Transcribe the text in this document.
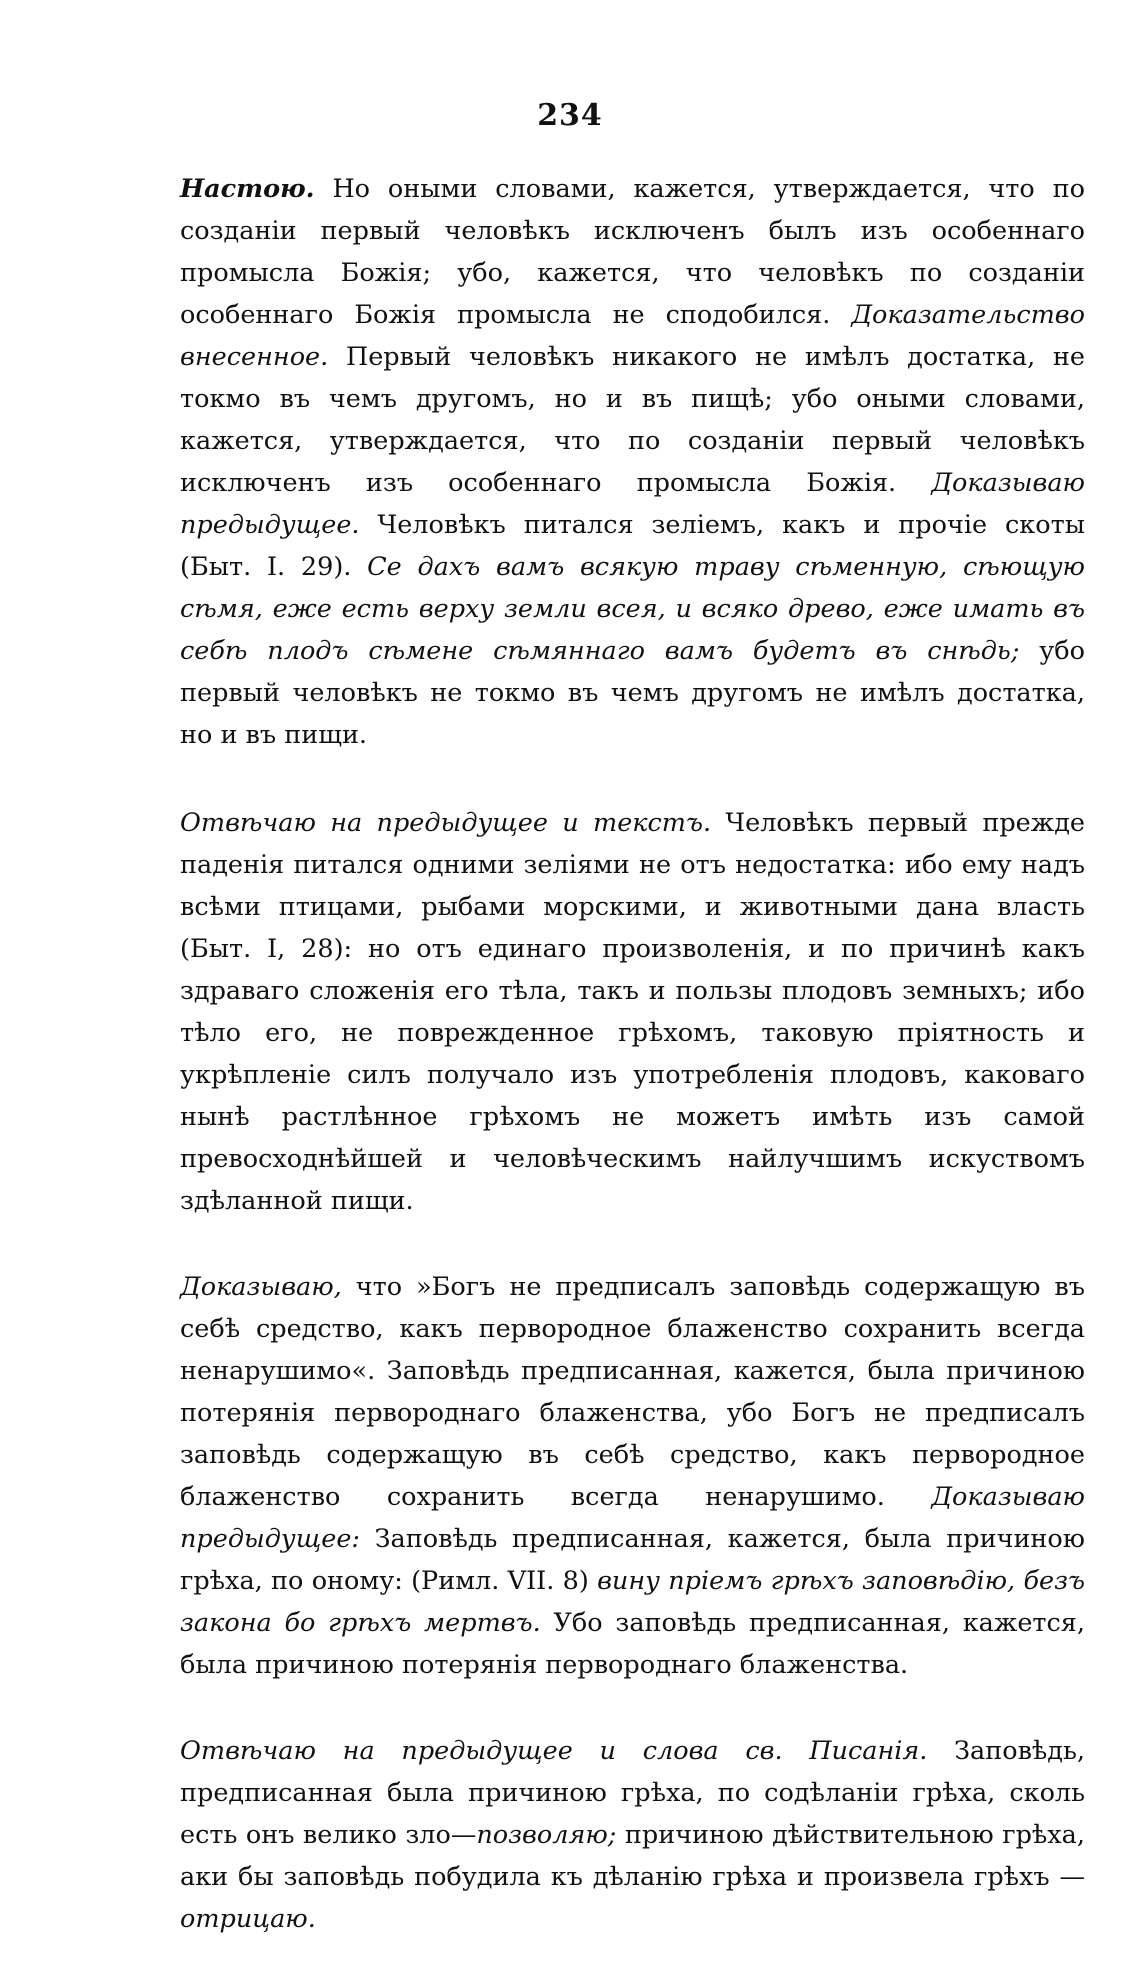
234

Настою. Но оными словами, кажется, утверждается, что по созданіи первый человѣкъ исключенъ былъ изъ особеннаго промысла Божія; убо, кажется, что человѣкъ по созданіи особеннаго Божія промысла не сподобился. Доказательство внесенное. Первый человѣкъ никакого не имѣлъ достатка, не токмо въ чемъ другомъ, но и въ пищѣ; убо оными словами, кажется, утверждается, что по созданіи первый человѣкъ исключенъ изъ особеннаго промысла Божія. Доказываю предыдущее. Человѣкъ питался зеліемъ, какъ и прочіе скоты (Быт. I. 29). Се дахъ вамъ всякую траву сѣменную, сѣющую сѣмя, еже есть верху земли всея, и всяко древо, еже имать въ себѣ плодъ сѣмене сѣмяннаго вамъ будетъ въ снѣдь; убо первый человѣкъ не токмо въ чемъ другомъ не имѣлъ достатка, но и въ пищи.

Отвѣчаю на предыдущее и текстъ. Человѣкъ первый прежде паденія питался одними зеліями не отъ недостатка: ибо ему надъ всѣми птицами, рыбами морскими, и животными дана власть (Быт. I, 28): но отъ единаго произволенія, и по причинѣ какъ здраваго сложенія его тѣла, такъ и пользы плодовъ земныхъ; ибо тѣло его, не поврежденное грѣхомъ, таковую пріятность и укрѣпленіе силъ получало изъ употребленія плодовъ, каковаго нынѣ растлѣнное грѣхомъ не можетъ имѣть изъ самой превосходнѣйшей и человѣческимъ найлучшимъ искуствомъ здѣланной пищи.

Доказываю, что »Богъ не предписалъ заповѣдь содержащую въ себѣ средство, какъ первородное блаженство сохранить всегда ненарушимо«. Заповѣдь предписанная, кажется, была причиною потерянія первороднаго блаженства, убо Богъ не предписалъ заповѣдь содержащую въ себѣ средство, какъ первородное блаженство сохранить всегда ненарушимо. Доказываю предыдущее: Заповѣдь предписанная, кажется, была причиною грѣха, по оному: (Римл. VII. 8) вину пріемъ грѣхъ заповѣдію, безъ закона бо грѣхъ мертвъ. Убо заповѣдь предписанная, кажется, была причиною потерянія первороднаго блаженства.

Отвѣчаю на предыдущее и слова св. Писанія. Заповѣдь, предписанная была причиною грѣха, по содѣланіи грѣха, сколь есть онъ велико зло—позволяю; причиною дѣйствительною грѣха, аки бы заповѣдь побудила къ дѣланію грѣха и произвела грѣхъ — отрицаю.
